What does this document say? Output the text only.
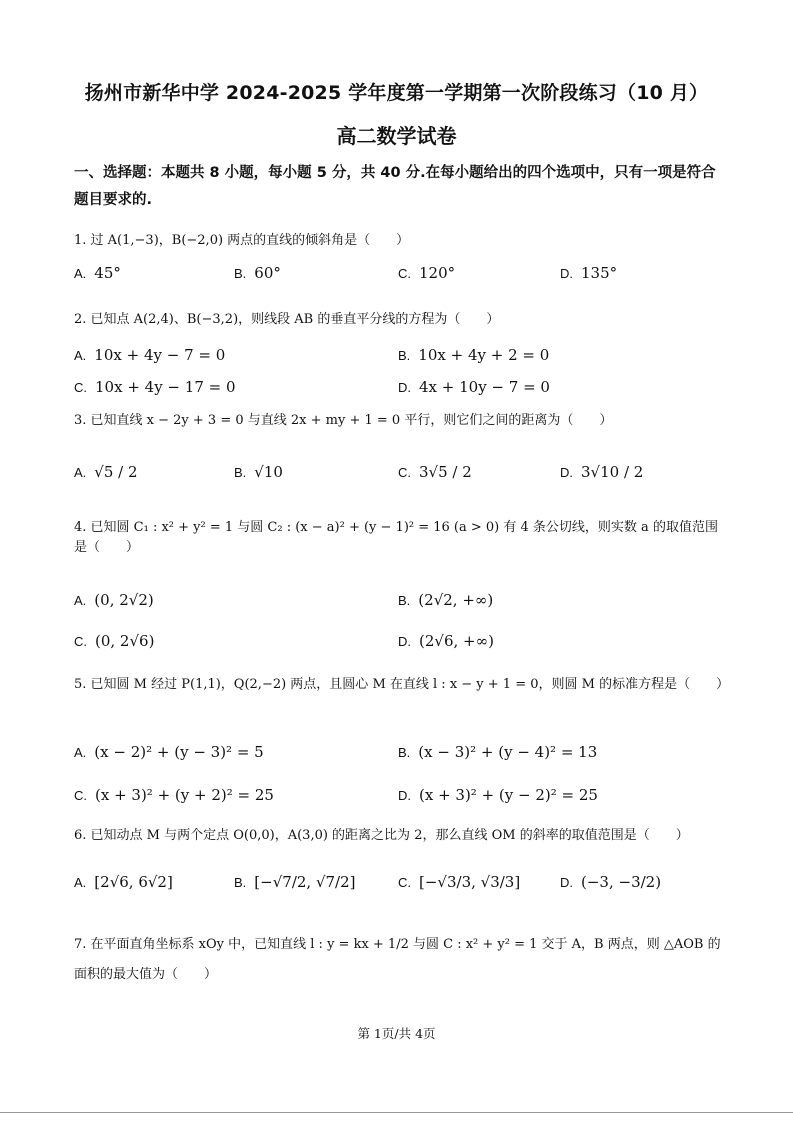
扬州市新华中学 2024-2025 学年度第一学期第一次阶段练习（10 月）
高二数学试卷
一、选择题：本题共 8 小题，每小题 5 分，共 40 分.在每小题给出的四个选项中，只有一项是符合题目要求的.
1. 过 A(1,−3)，B(−2,0) 两点的直线的倾斜角是（　　）
A. 45°	B. 60°	C. 120°	D. 135°
2. 已知点 A(2,4)、B(−3,2)，则线段 AB 的垂直平分线的方程为（　　）
A. 10x + 4y − 7 = 0	B. 10x + 4y + 2 = 0
C. 10x + 4y − 17 = 0	D. 4x + 10y − 7 = 0
3. 已知直线 x − 2y + 3 = 0 与直线 2x + my + 1 = 0 平行，则它们之间的距离为（　　）
A. √5 / 2	B. √10	C. 3√5 / 2	D. 3√10 / 2
4. 已知圆 C₁ : x² + y² = 1 与圆 C₂ : (x − a)² + (y − 1)² = 16 (a > 0) 有 4 条公切线，则实数 a 的取值范围是（　　）
A. (0, 2√2)	B. (2√2, +∞)
C. (0, 2√6)	D. (2√6, +∞)
5. 已知圆 M 经过 P(1,1)，Q(2,−2) 两点，且圆心 M 在直线 l : x − y + 1 = 0，则圆 M 的标准方程是（　　）
A. (x − 2)² + (y − 3)² = 5	B. (x − 3)² + (y − 4)² = 13
C. (x + 3)² + (y + 2)² = 25	D. (x + 3)² + (y − 2)² = 25
6. 已知动点 M 与两个定点 O(0,0)，A(3,0) 的距离之比为 2，那么直线 OM 的斜率的取值范围是（　　）
A. [2√6, 6√2]	B. [−√7/2, √7/2]	C. [−√3/3, √3/3]	D. (−3, −3/2)
7. 在平面直角坐标系 xOy 中，已知直线 l : y = kx + 1/2 与圆 C : x² + y² = 1 交于 A，B 两点，则 △AOB 的面积的最大值为（　　）
第 1页/共 4页
